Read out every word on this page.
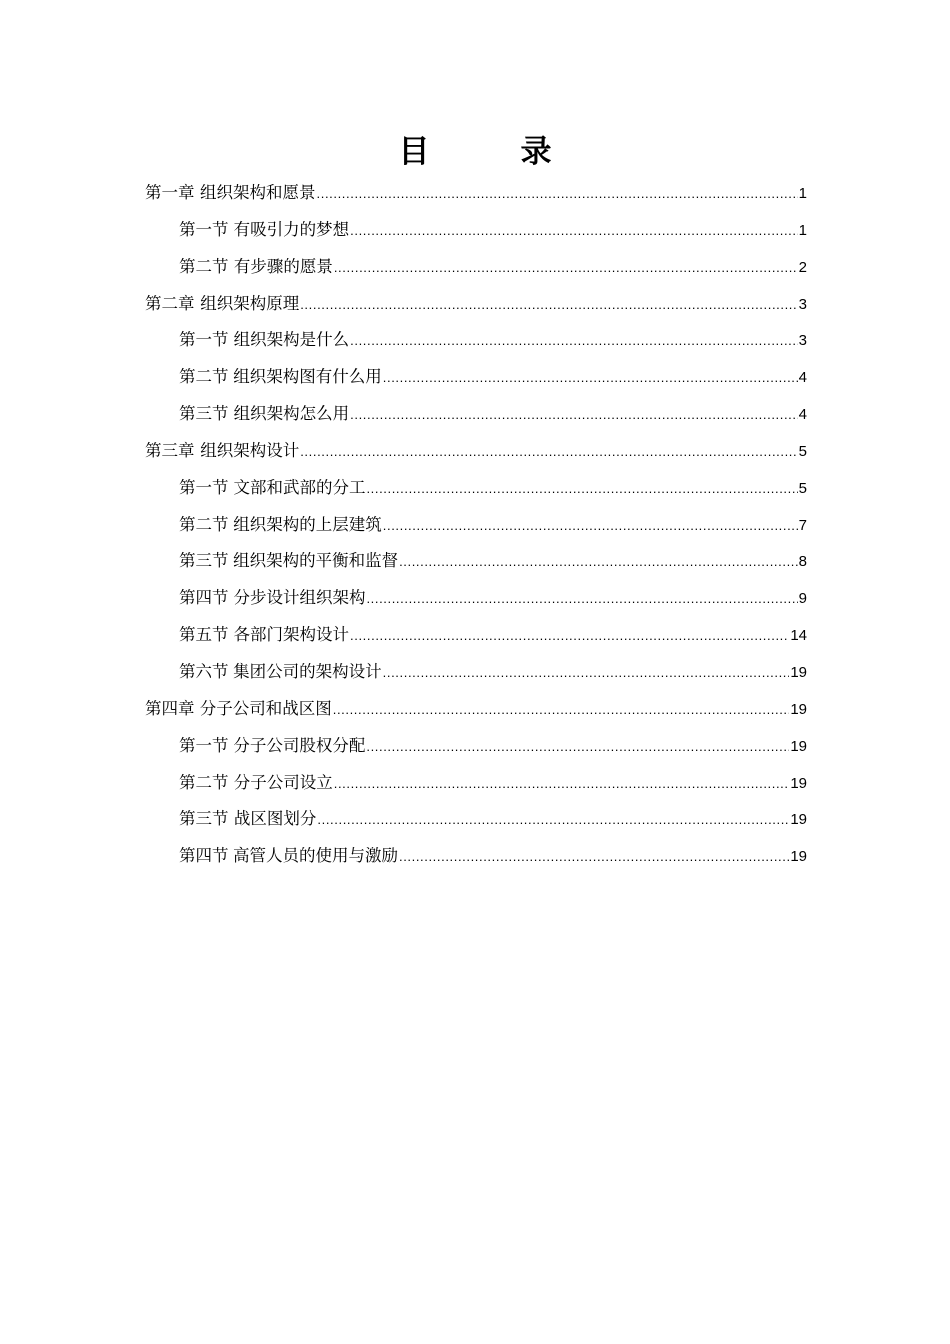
目　录
第一章 组织架构和愿景 .....	1
第一节 有吸引力的梦想 .....	1
第二节 有步骤的愿景 .....	2
第二章 组织架构原理 .....	3
第一节 组织架构是什么 .....	3
第二节 组织架构图有什么用 .....	4
第三节 组织架构怎么用 .....	4
第三章 组织架构设计 .....	5
第一节 文部和武部的分工 .....	5
第二节 组织架构的上层建筑 .....	7
第三节 组织架构的平衡和监督 .....	8
第四节 分步设计组织架构 .....	9
第五节 各部门架构设计 .....	14
第六节 集团公司的架构设计 .....	19
第四章 分子公司和战区图 .....	19
第一节 分子公司股权分配 .....	19
第二节 分子公司设立 .....	19
第三节 战区图划分 .....	19
第四节 高管人员的使用与激励 .....	19
